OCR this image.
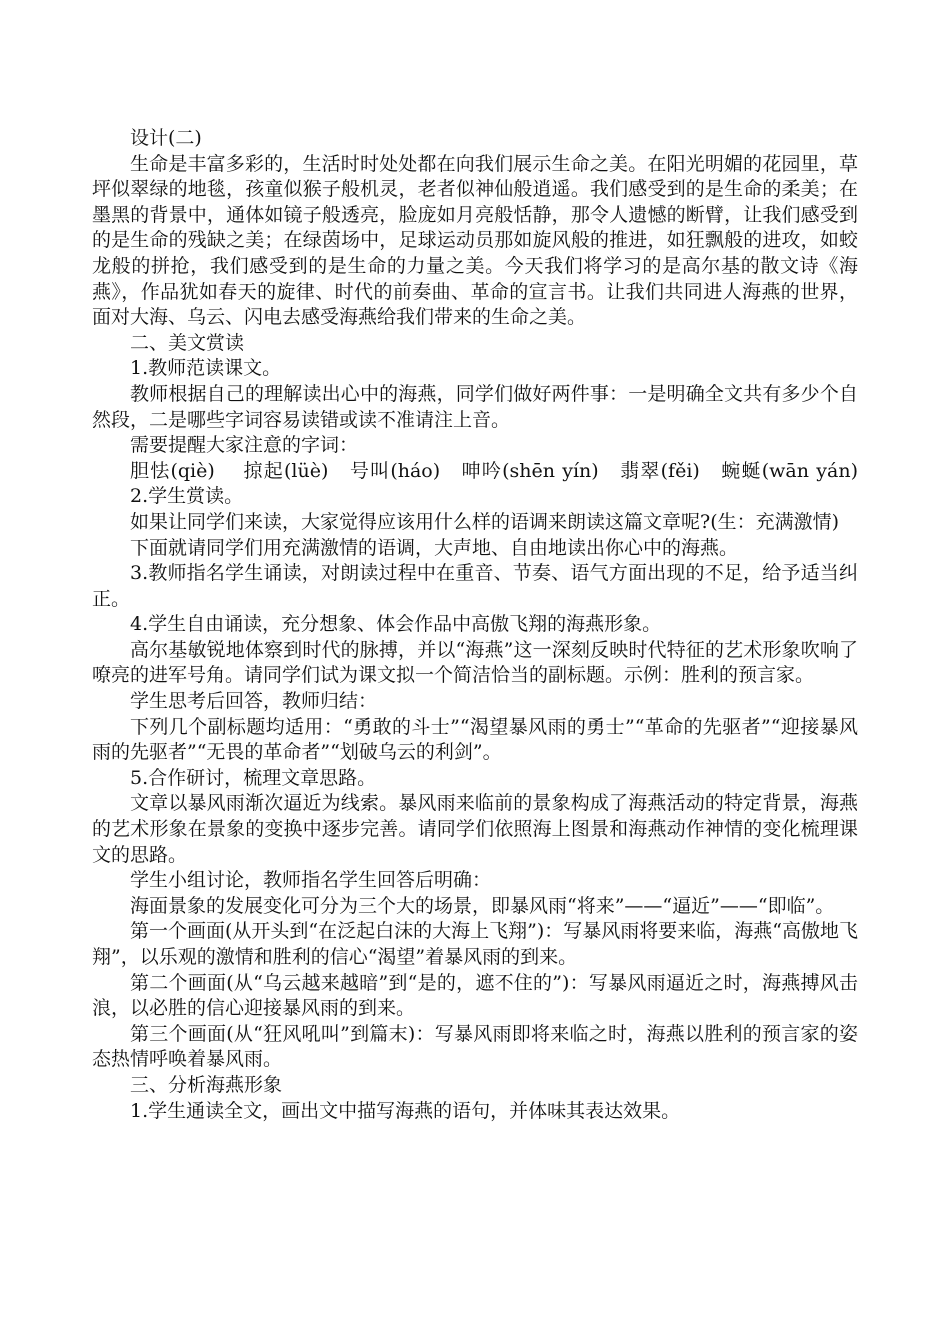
设计(二)

生命是丰富多彩的，生活时时处处都在向我们展示生命之美。在阳光明媚的花园里，草坪似翠绿的地毯，孩童似猴子般机灵，老者似神仙般逍遥。我们感受到的是生命的柔美；在墨黑的背景中，通体如镜子般透亮，脸庞如月亮般恬静，那令人遗憾的断臂，让我们感受到的是生命的残缺之美；在绿茵场中，足球运动员那如旋风般的推进，如狂飘般的进攻，如蛟龙般的拼抢，我们感受到的是生命的力量之美。今天我们将学习的是高尔基的散文诗《海燕》，作品犹如春天的旋律、时代的前奏曲、革命的宣言书。让我们共同进人海燕的世界，面对大海、乌云、闪电去感受海燕给我们带来的生命之美。

二、美文赏读

1.教师范读课文。

教师根据自己的理解读出心中的海燕，同学们做好两件事：一是明确全文共有多少个自然段，二是哪些字词容易读错或读不准请注上音。

需要提醒大家注意的字词：

胆怯(qiè)　 掠起(lüè)　号叫(háo)　呻吟(shēn yín)　翡翠(fěi)　蜿蜒(wān yán)

2.学生赏读。

如果让同学们来读，大家觉得应该用什么样的语调来朗读这篇文章呢?(生：充满激情)

下面就请同学们用充满激情的语调，大声地、自由地读出你心中的海燕。

3.教师指名学生诵读，对朗读过程中在重音、节奏、语气方面出现的不足，给予适当纠正。

4.学生自由诵读，充分想象、体会作品中高傲飞翔的海燕形象。

高尔基敏锐地体察到时代的脉搏，并以“海燕”这一深刻反映时代特征的艺术形象吹响了嘹亮的进军号角。请同学们试为课文拟一个简洁恰当的副标题。示例：胜利的预言家。

学生思考后回答，教师归结：

下列几个副标题均适用：“勇敢的斗士”“渴望暴风雨的勇士”“革命的先驱者”“迎接暴风雨的先驱者”“无畏的革命者”“划破乌云的利剑”。

5.合作研讨，梳理文章思路。

文章以暴风雨渐次逼近为线索。暴风雨来临前的景象构成了海燕活动的特定背景，海燕的艺术形象在景象的变换中逐步完善。请同学们依照海上图景和海燕动作神情的变化梳理课文的思路。

学生小组讨论，教师指名学生回答后明确：

海面景象的发展变化可分为三个大的场景，即暴风雨“将来”——“逼近”——“即临”。

第一个画面(从开头到“在泛起白沫的大海上飞翔”)：写暴风雨将要来临，海燕“高傲地飞翔”，以乐观的激情和胜利的信心“渴望”着暴风雨的到来。

第二个画面(从“乌云越来越暗”到“是的，遮不住的”)：写暴风雨逼近之时，海燕搏风击浪，以必胜的信心迎接暴风雨的到来。

第三个画面(从“狂风吼叫”到篇末)：写暴风雨即将来临之时，海燕以胜利的预言家的姿态热情呼唤着暴风雨。

三、分析海燕形象

1.学生通读全文，画出文中描写海燕的语句，并体味其表达效果。
